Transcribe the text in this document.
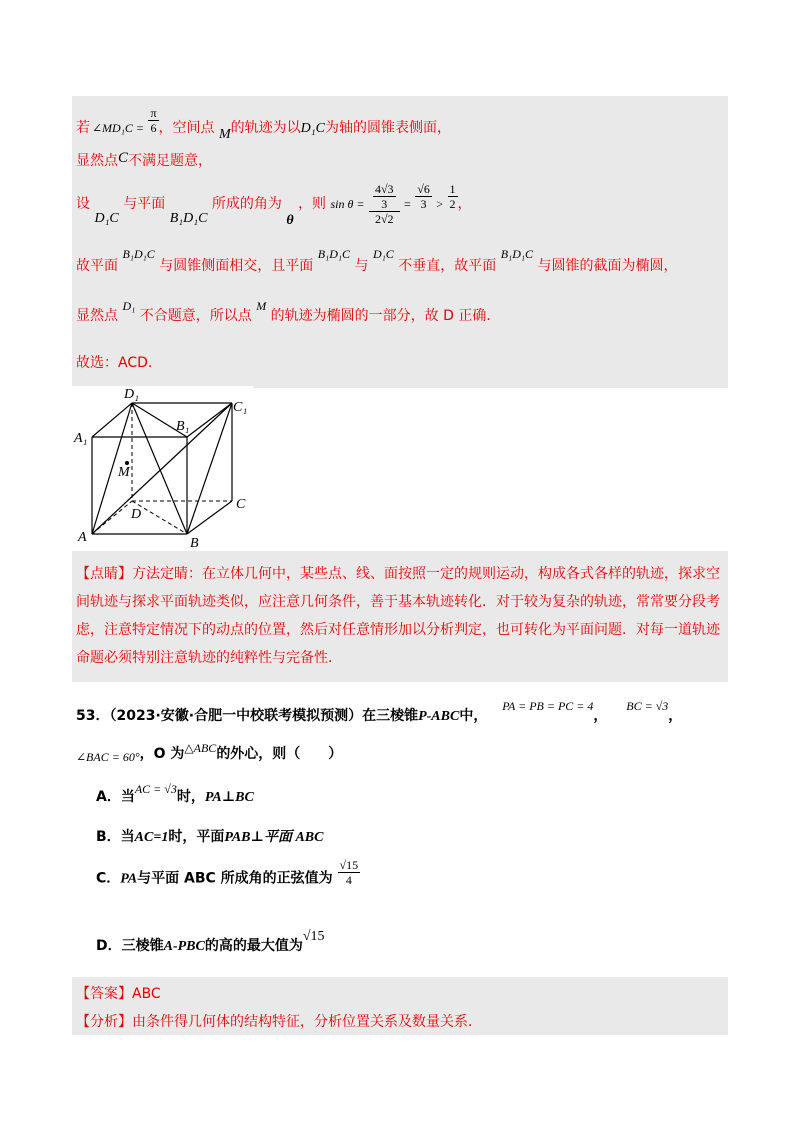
若 ∠MD₁C = $\frac{\pi}{6}$ ，空间点 M的轨迹为以D₁C为轴的圆锥表侧面，
显然点C不满足题意，
设 D₁C 与平面 B₁D₁C 所成的角为 θ ，则 $\sin \theta = \frac{\frac{4√3}{3}}{2√2} = \frac{√6}{3} > \frac{1}{2}$ ，
故平面 B₁D₁C 与圆锥侧面相交，且平面 B₁D₁C 与 D₁C 不垂直，故平面 B₁D₁C 与圆锥的截面为椭圆，
显然点 D₁ 不合题意，所以点 M 的轨迹为椭圆的一部分，故 D 正确．
故选：ACD.
D₁
C₁
B₁
A₁
M
D
C
A	B
【点睛】方法定睛：在立体几何中，某些点、线、面按照一定的规则运动，构成各式各样的轨迹，探求空间轨迹与探求平面轨迹类似，应注意几何条件，善于基本轨迹转化．对于较为复杂的轨迹，常常要分段考虑，注意特定情况下的动点的位置，然后对任意情形加以分析判定，也可转化为平面问题．对每一道轨迹命题必须特别注意轨迹的纯粹性与完备性．
53．（2023·安徽·合肥一中校联考模拟预测）在三棱锥P-ABC中， PA = PB = PC = 4， BC = √3，
∠BAC = 60°，O 为△ABC的外心，则（　　）
A．当AC = √3时，PA⊥BC
B．当AC=1时，平面PAB⊥平面 ABC
C．PA与平面 ABC 所成角的正弦值为 $\frac{√15}{4}$
D．三棱锥A-PBC的高的最大值为√15
【答案】ABC
【分析】由条件得几何体的结构特征，分析位置关系及数量关系．
